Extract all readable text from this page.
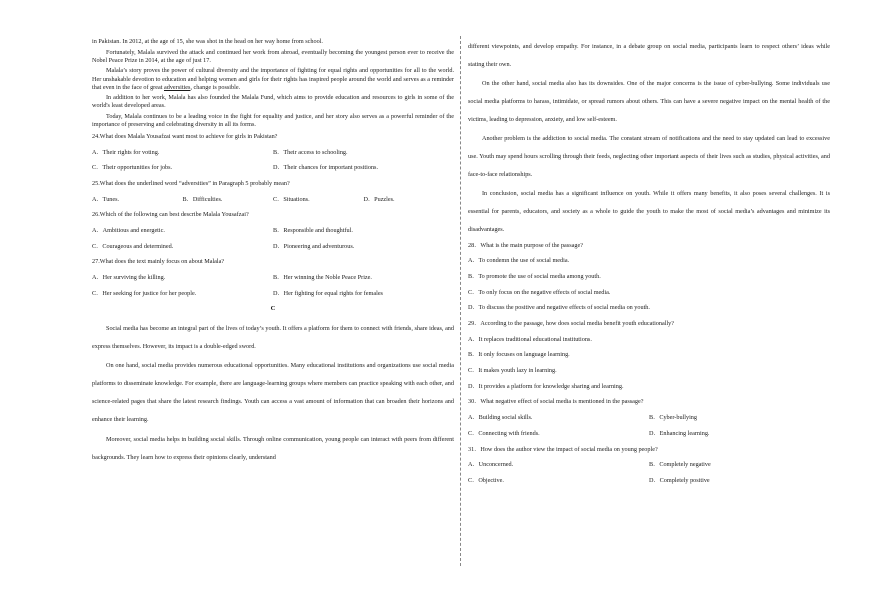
in Pakistan. In 2012, at the age of 15, she was shot in the head on her way home from school.
Fortunately, Malala survived the attack and continued her work from abroad, eventually becoming the youngest person ever to receive the Nobel Peace Prize in 2014, at the age of just 17.
Malala’s story proves the power of cultural diversity and the importance of fighting for equal rights and opportunities for all to the world. Her unshakable devotion to education and helping women and girls for their rights has inspired people around the world and serves as a reminder that even in the face of great adversities, change is possible.
In addition to her work, Malala has also founded the Malala Fund, which aims to provide education and resources to girls in some of the world's least developed areas.
Today, Malala continues to be a leading voice in the fight for equality and justice, and her story also serves as a powerful reminder of the importance of preserving and celebrating diversity in all its forms.
24.What does Malala Yousafzai want most to achieve for girls in Pakistan?
A．Their rights for voting.	B．Their access to schooling.
C．Their opportunities for jobs.	D．Their chances for important positions.
25.What does the underlined word “adversities” in Paragraph 5 probably mean?
A．Tunes.	B．Difficulties.	C．Situations.	D．Puzzles.
26.Which of the following can best describe Malala Yousafzai?
A．Ambitious and energetic.	B．Responsible and thoughtful.
C．Courageous and determined.	D．Pioneering and adventurous.
27.What does the text mainly focus on about Malala?
A．Her surviving the killing.	B．Her winning the Noble Peace Prize.
C．Her seeking for justice for her people.	D．Her fighting for equal rights for females
C
Social media has become an integral part of the lives of today’s youth. It offers a platform for them to connect with friends, share ideas, and express themselves. However, its impact is a double-edged sword.
On one hand, social media provides numerous educational opportunities. Many educational institutions and organizations use social media platforms to disseminate knowledge. For example, there are language-learning groups where members can practice speaking with each other, and science-related pages that share the latest research findings. Youth can access a vast amount of information that can broaden their horizons and enhance their learning.
Moreover, social media helps in building social skills. Through online communication, young people can interact with peers from different backgrounds. They learn how to express their opinions clearly, understand
different viewpoints, and develop empathy. For instance, in a debate group on social media, participants learn to respect others’ ideas while stating their own.
On the other hand, social media also has its downsides. One of the major concerns is the issue of cyber-bullying. Some individuals use social media platforms to harass, intimidate, or spread rumors about others. This can have a severe negative impact on the mental health of the victims, leading to depression, anxiety, and low self-esteem.
Another problem is the addiction to social media. The constant stream of notifications and the need to stay updated can lead to excessive use. Youth may spend hours scrolling through their feeds, neglecting other important aspects of their lives such as studies, physical activities, and face-to-face relationships.
In conclusion, social media has a significant influence on youth. While it offers many benefits, it also poses several challenges. It is essential for parents, educators, and society as a whole to guide the youth to make the most of social media’s advantages and minimize its disadvantages.
28．What is the main purpose of the passage?
A．To condemn the use of social media.
B．To promote the use of social media among youth.
C．To only focus on the negative effects of social media.
D．To discuss the positive and negative effects of social media on youth.
29．According to the passage, how does social media benefit youth educationally?
A．It replaces traditional educational institutions.
B．It only focuses on language learning.
C．It makes youth lazy in learning.
D．It provides a platform for knowledge sharing and learning.
30．What negative effect of social media is mentioned in the passage?
A．Building social skills.	B．Cyber-bullying
C．Connecting with friends.	D．Enhancing learning.
31．How does the author view the impact of social media on young people?
A．Unconcerned.	B．Completely negative
C．Objective.	D．Completely positive
